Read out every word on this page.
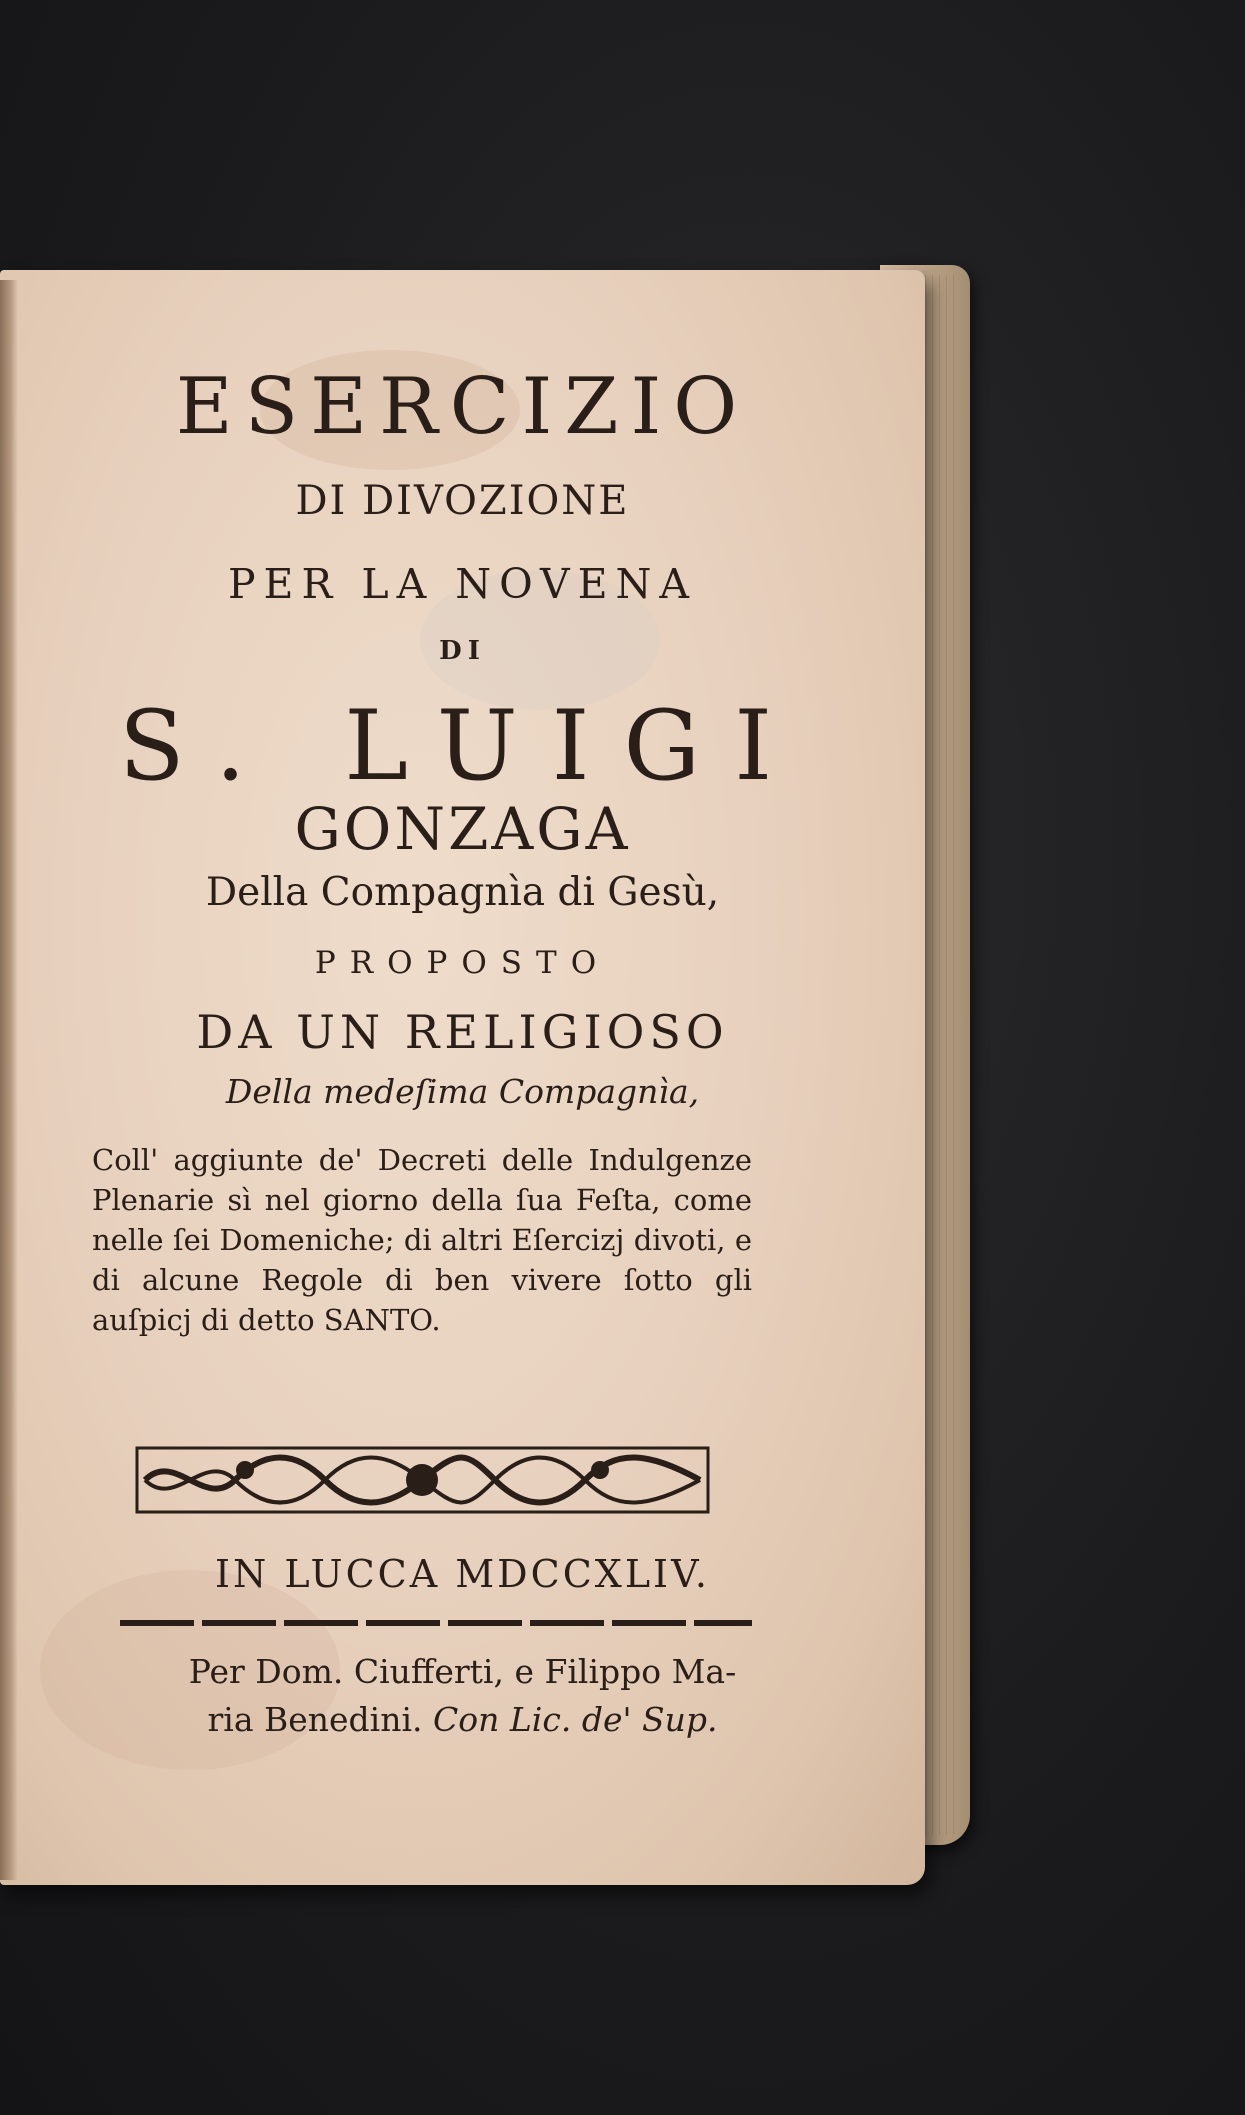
ESERCIZIO
DI DIVOZIONE
PER LA NOVENA
DI
S. LUIGI
GONZAGA
Della Compagnìa di Gesù,
PROPOSTO
DA UN RELIGIOSO
Della medeſima Compagnìa,
Coll' aggiunte de' Decreti delle Indulgenze Plenarie sì nel giorno della ſua Feſta, come nelle ſei Domeniche; di altri Eſercizj divoti, e di alcune Regole di ben vivere ſotto gli auſpicj di detto SANTO.
IN LUCCA MDCCXLIV.
Per Dom. Ciufferti, e Filippo Ma-
ria Benedini. Con Lic. de' Sup.
